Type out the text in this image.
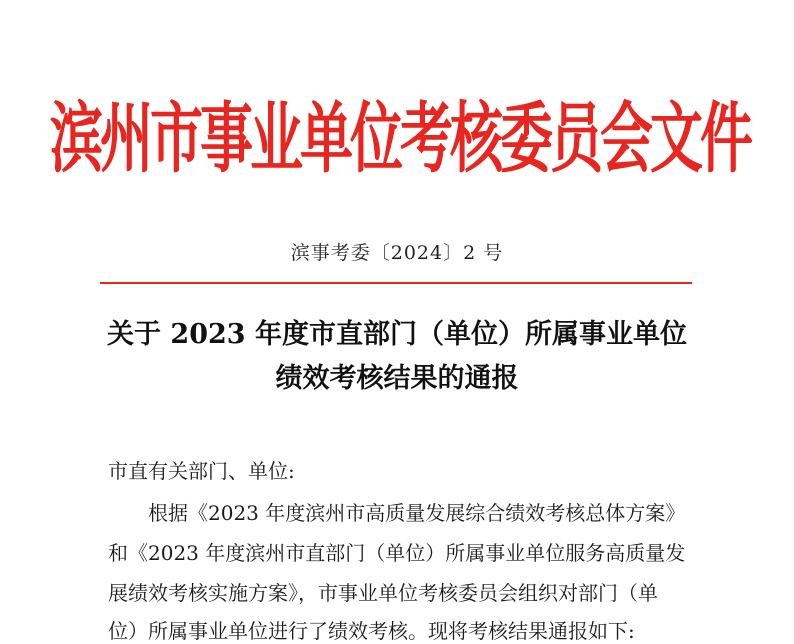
滨州市事业单位考核委员会文件
滨事考委〔2024〕2 号
关于 2023 年度市直部门（单位）所属事业单位
绩效考核结果的通报
市直有关部门、单位:
根据《2023 年度滨州市高质量发展综合绩效考核总体方案》
和《2023 年度滨州市直部门（单位）所属事业单位服务高质量发
展绩效考核实施方案》，市事业单位考核委员会组织对部门（单
位）所属事业单位进行了绩效考核。现将考核结果通报如下:
